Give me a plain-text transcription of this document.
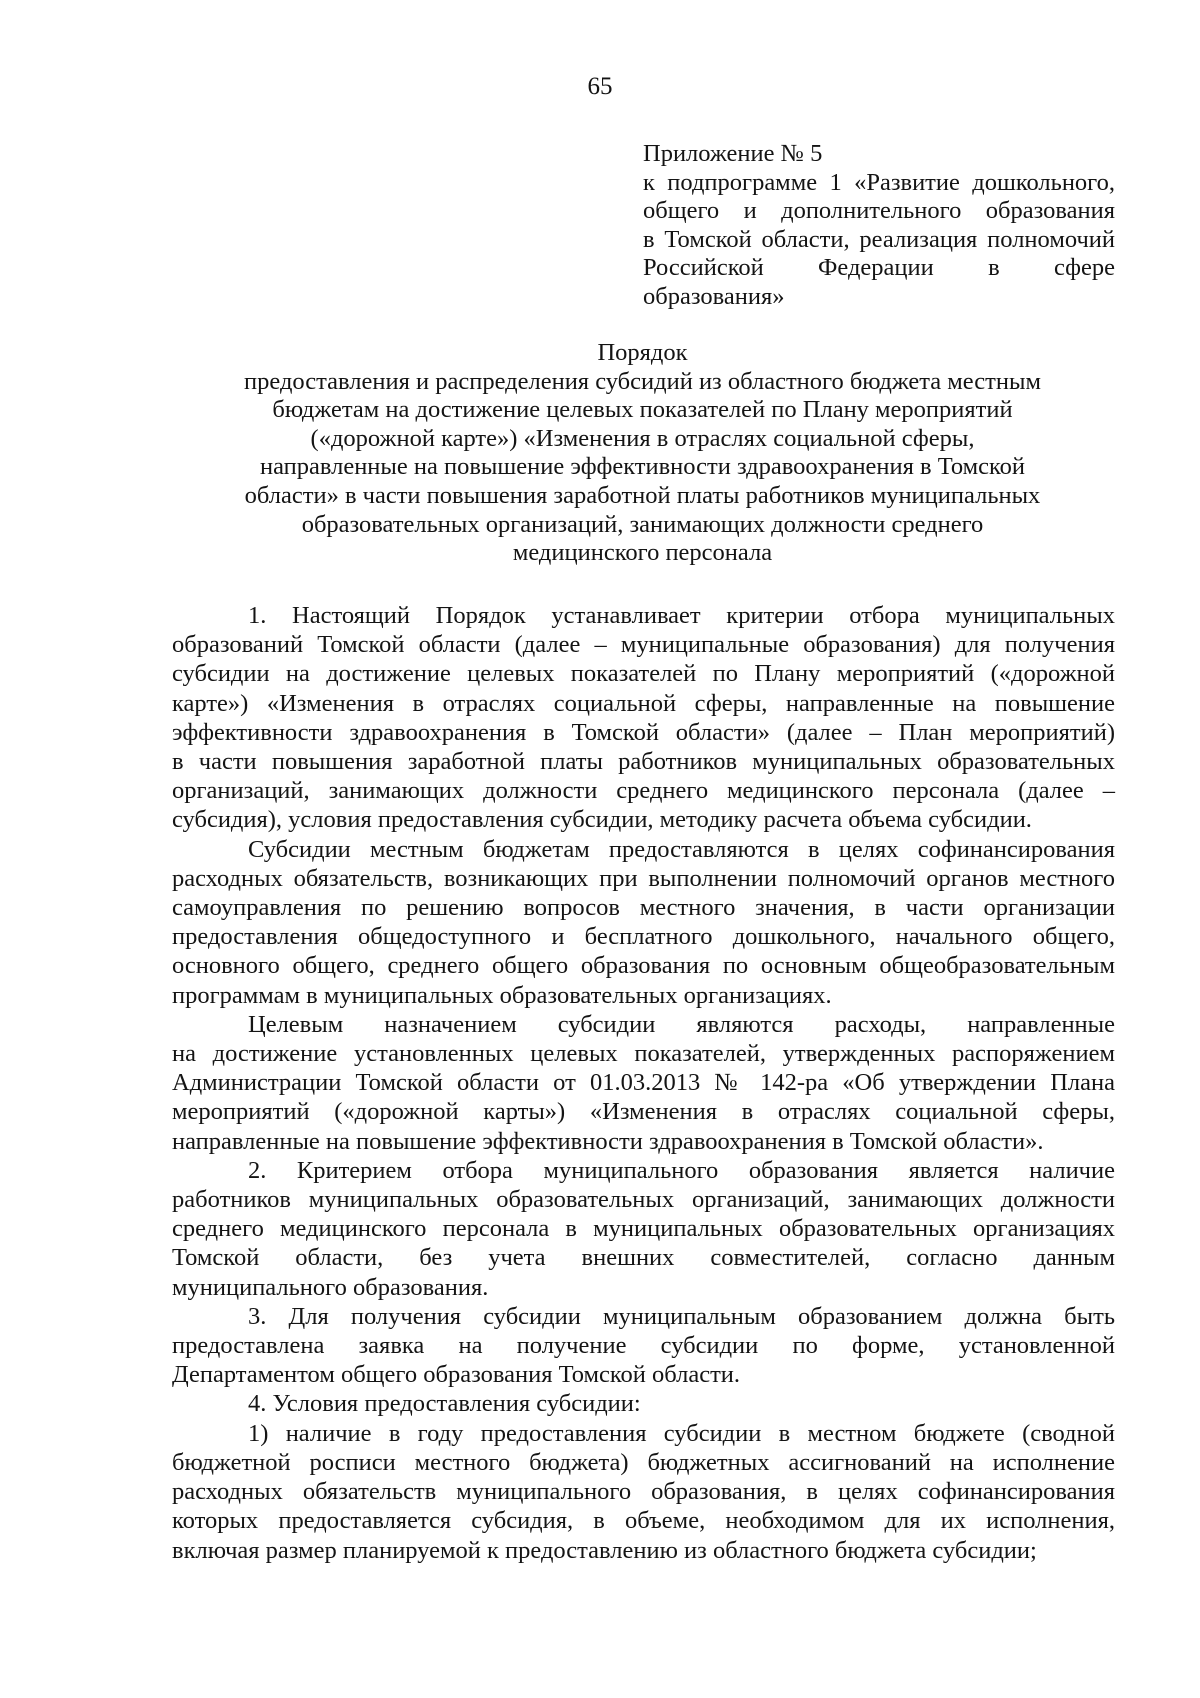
65
Приложение № 5
к подпрограмме 1 «Развитие дошкольного,
общего и дополнительного образования
в Томской области, реализация полномочий
Российской Федерации в сфере образования»
Порядок
предоставления и распределения субсидий из областного бюджета местным
бюджетам на достижение целевых показателей по Плану мероприятий
(«дорожной карте») «Изменения в отраслях социальной сферы,
направленные на повышение эффективности здравоохранения в Томской
области» в части повышения заработной платы работников муниципальных
образовательных организаций, занимающих должности среднего
медицинского персонала
1. Настоящий Порядок устанавливает критерии отбора муниципальных
образований Томской области (далее – муниципальные образования) для получения
субсидии на достижение целевых показателей по Плану мероприятий («дорожной
карте») «Изменения в отраслях социальной сферы, направленные на повышение
эффективности здравоохранения в Томской области» (далее – План мероприятий)
в части повышения заработной платы работников муниципальных образовательных
организаций, занимающих должности среднего медицинского персонала (далее –
субсидия), условия предоставления субсидии, методику расчета объема субсидии.
Субсидии местным бюджетам предоставляются в целях софинансирования
расходных обязательств, возникающих при выполнении полномочий органов местного
самоуправления по решению вопросов местного значения, в части организации
предоставления общедоступного и бесплатного дошкольного, начального общего,
основного общего, среднего общего образования по основным общеобразовательным
программам в муниципальных образовательных организациях.
Целевым назначением субсидии являются расходы, направленные
на достижение установленных целевых показателей, утвержденных распоряжением
Администрации Томской области от 01.03.2013 № 142-ра «Об утверждении Плана
мероприятий («дорожной карты») «Изменения в отраслях социальной сферы,
направленные на повышение эффективности здравоохранения в Томской области».
2. Критерием отбора муниципального образования является наличие
работников муниципальных образовательных организаций, занимающих должности
среднего медицинского персонала в муниципальных образовательных организациях
Томской области, без учета внешних совместителей, согласно данным
муниципального образования.
3. Для получения субсидии муниципальным образованием должна быть
предоставлена заявка на получение субсидии по форме, установленной
Департаментом общего образования Томской области.
4. Условия предоставления субсидии:
1) наличие в году предоставления субсидии в местном бюджете (сводной
бюджетной росписи местного бюджета) бюджетных ассигнований на исполнение
расходных обязательств муниципального образования, в целях софинансирования
которых предоставляется субсидия, в объеме, необходимом для их исполнения,
включая размер планируемой к предоставлению из областного бюджета субсидии;
